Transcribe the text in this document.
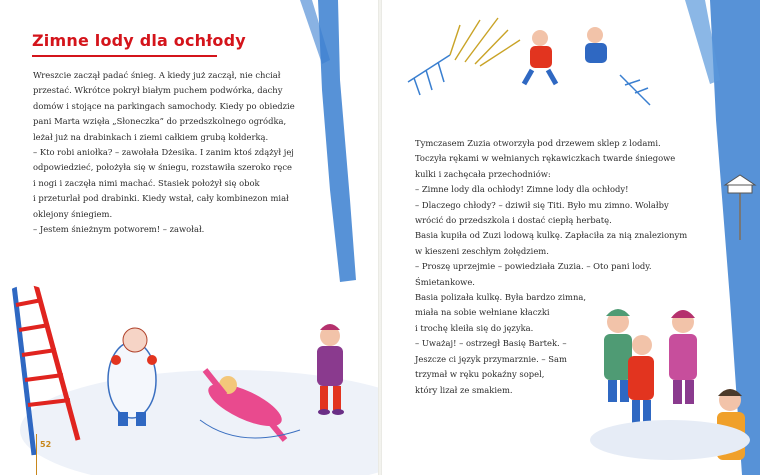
Zimne lody dla ochłody
Wreszcie zaczął padać śnieg. A kiedy już zaczął, nie chciał
przestać. Wkrótce pokrył białym puchem podwórka, dachy
domów i stojące na parkingach samochody. Kiedy po obiedzie
pani Marta wzięła „Słoneczka” do przedszkolnego ogródka,
leżał już na drabinkach i ziemi całkiem grubą kołderką.
– Kto robi aniołka? – zawołała Dżesika. I zanim ktoś zdążył jej
odpowiedzieć, położyła się w śniegu, rozstawiła szeroko ręce
i nogi i zaczęła nimi machać. Stasiek położył się obok
i przeturlał pod drabinki. Kiedy wstał, cały kombinezon miał
oklejony śniegiem.
– Jestem śnieżnym potworem! – zawołał.
52
Tymczasem Zuzia otworzyła pod drzewem sklep z lodami.
Toczyła rękami w wełnianych rękawiczkach twarde śniegowe
kulki i zachęcała przechodniów:
– Zimne lody dla ochłody! Zimne lody dla ochłody!
– Dlaczego chłody? – dziwił się Titi. Było mu zimno. Wolałby
wrócić do przedszkola i dostać ciepłą herbatę.
Basia kupiła od Zuzi lodową kulkę. Zapłaciła za nią znalezionym
w kieszeni zeschłym żołędziem.
– Proszę uprzejmie – powiedziała Zuzia. – Oto pani lody.
Śmietankowe.
Basia polizała kulkę. Była bardzo zimna,
miała na sobie wełniane kłaczki
i trochę kleiła się do języka.
– Uważaj! – ostrzegł Basię Bartek. –
Jeszcze ci język przymarznie. – Sam
trzymał w ręku pokaźny sopel,
który lizał ze smakiem.
